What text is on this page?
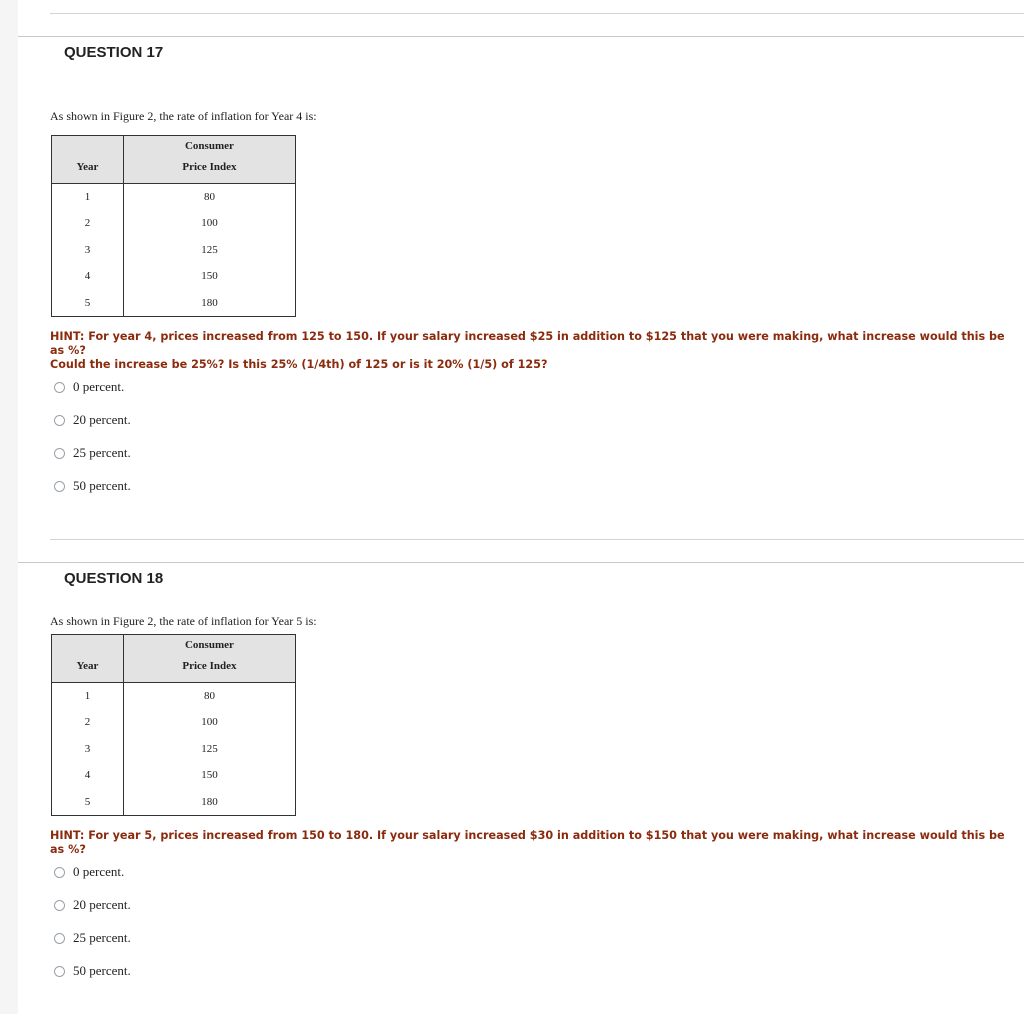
QUESTION 17
As shown in Figure 2, the rate of inflation for Year 4 is:
Year	Consumer
Price Index
1	80
2	100
3	125
4	150
5	180
HINT: For year 4, prices increased from 125 to 150. If your salary increased $25 in addition to $125 that you were making, what increase would this be as %?
Could the increase be 25%? Is this 25% (1/4th) of 125 or is it 20% (1/5) of 125?
0 percent.
20 percent.
25 percent.
50 percent.
QUESTION 18
As shown in Figure 2, the rate of inflation for Year 5 is:
Year	Consumer
Price Index
1	80
2	100
3	125
4	150
5	180
HINT: For year 5, prices increased from 150 to 180. If your salary increased $30 in addition to $150 that you were making, what increase would this be as %?
0 percent.
20 percent.
25 percent.
50 percent.
